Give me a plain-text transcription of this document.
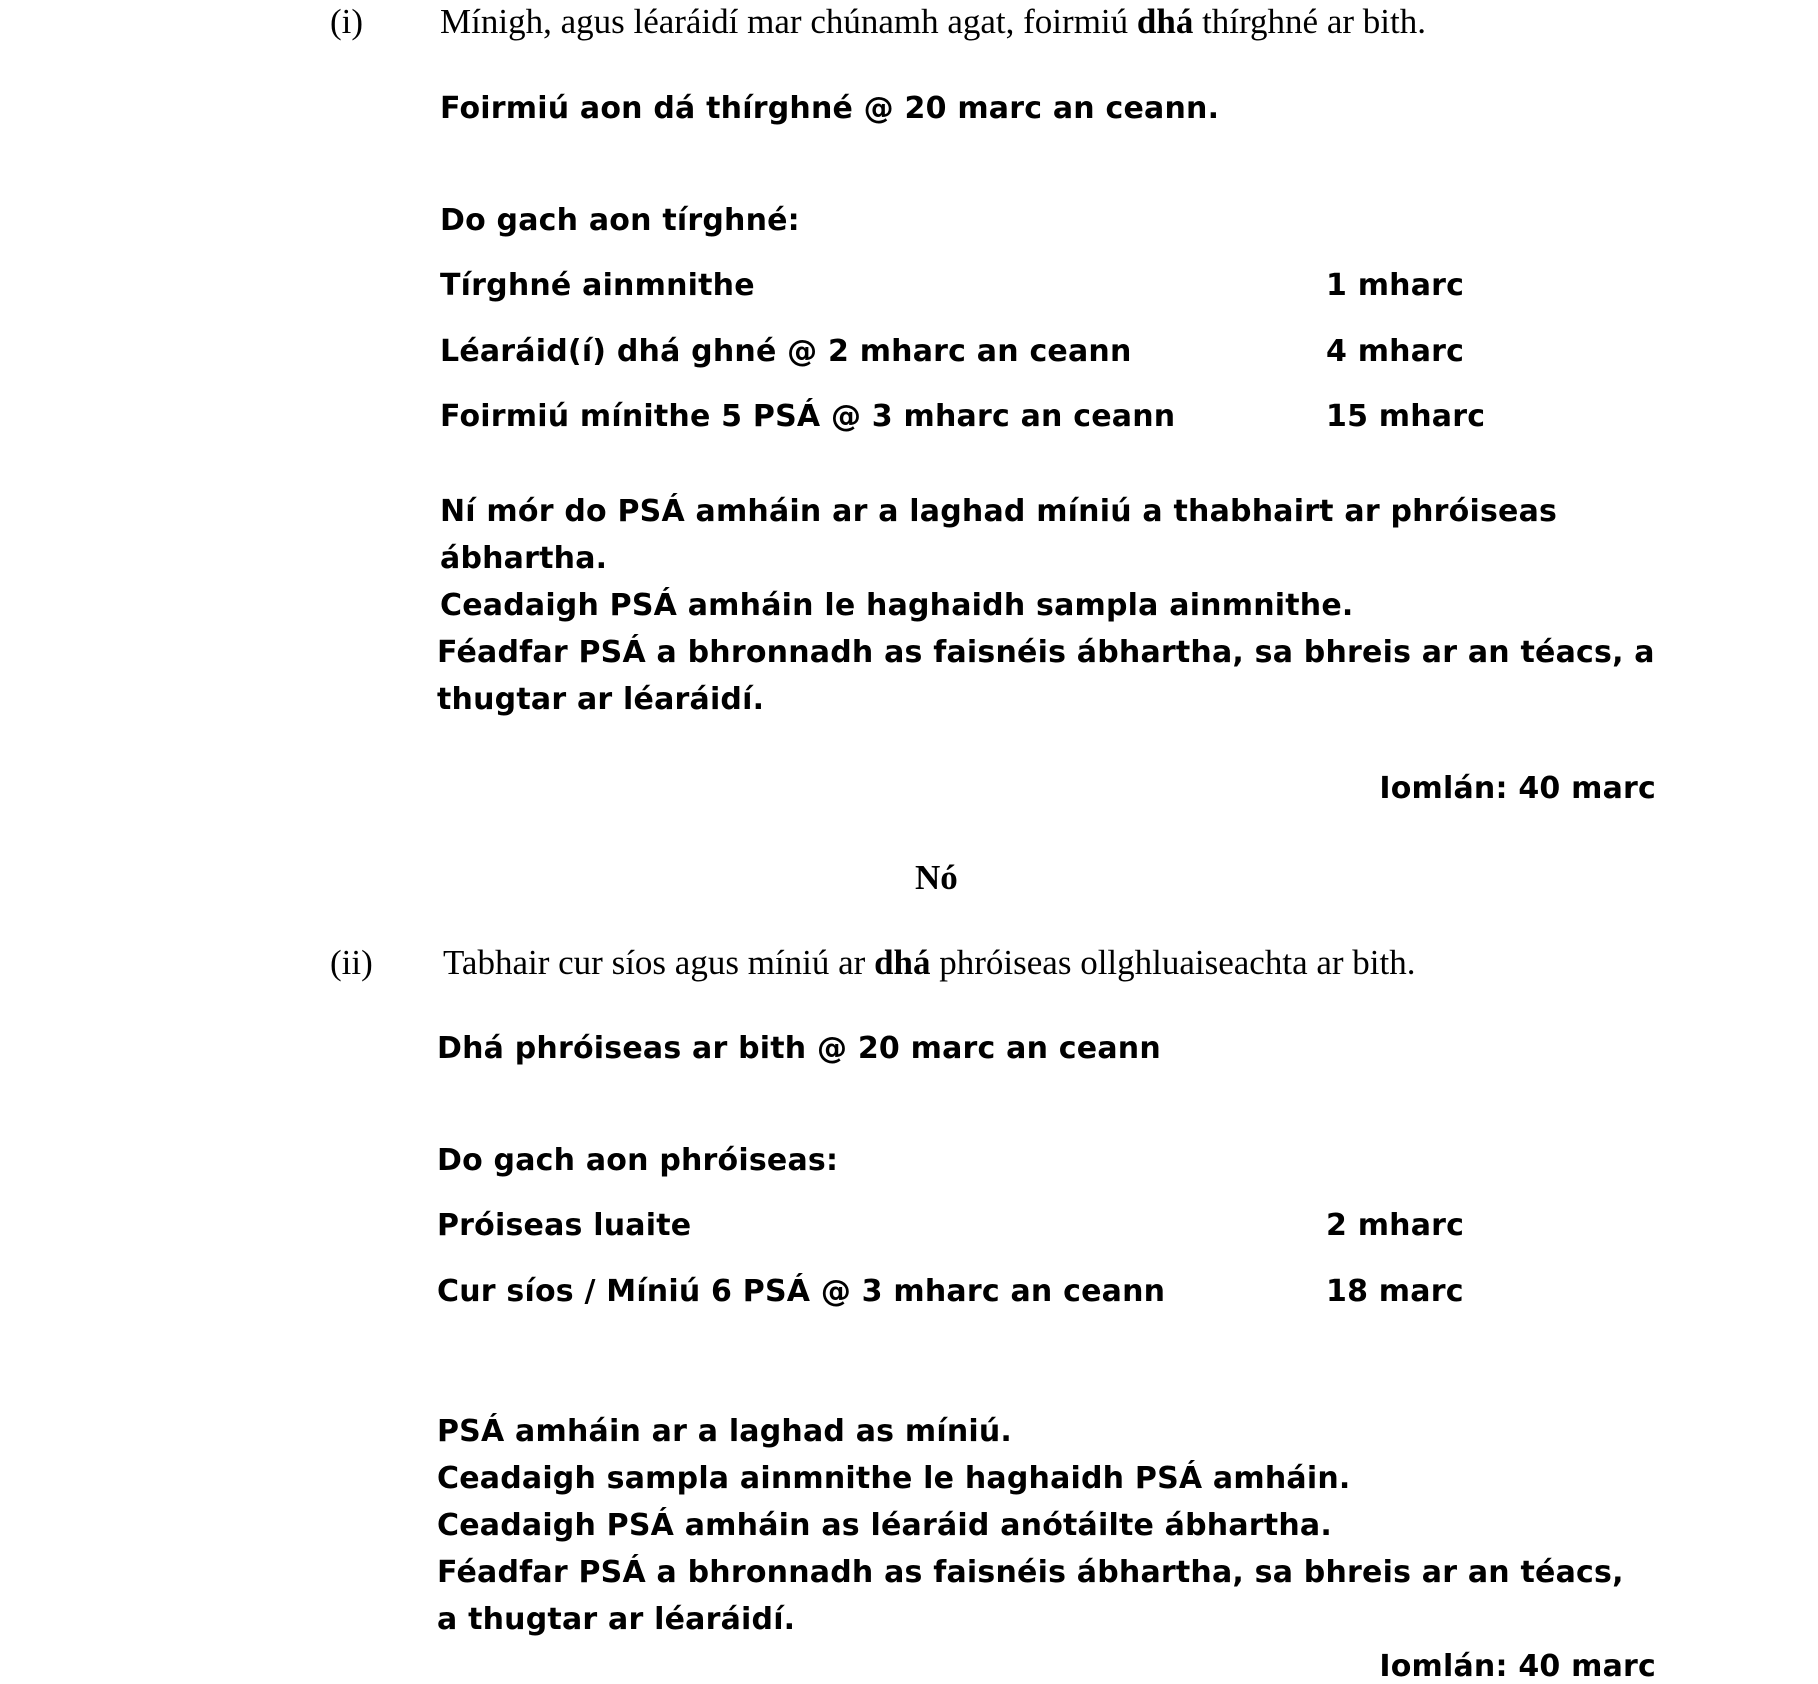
(i) Mínigh, agus léaráidí mar chúnamh agat, foirmiú dhá thírghné ar bith.
Foirmiú aon dá thírghné @ 20 marc an ceann.
Do gach aon tírghné:
Tírghné ainmnithe	1 mharc
Léaráid(í) dhá ghné @ 2 mharc an ceann	4 mharc
Foirmiú mínithe 5 PSÁ @ 3 mharc an ceann	15 mharc
Ní mór do PSÁ amháin ar a laghad míniú a thabhairt ar phróiseas
ábhartha.
Ceadaigh PSÁ amháin le haghaidh sampla ainmnithe.
Féadfar PSÁ a bhronnadh as faisnéis ábhartha, sa bhreis ar an téacs, a
thugtar ar léaráidí.
Iomlán: 40 marc
Nó
(ii) Tabhair cur síos agus míniú ar dhá phróiseas ollghluaiseachta ar bith.
Dhá phróiseas ar bith @ 20 marc an ceann
Do gach aon phróiseas:
Próiseas luaite	2 mharc
Cur síos / Míniú 6 PSÁ @ 3 mharc an ceann	18 marc
PSÁ amháin ar a laghad as míniú.
Ceadaigh sampla ainmnithe le haghaidh PSÁ amháin.
Ceadaigh PSÁ amháin as léaráid anótáilte ábhartha.
Féadfar PSÁ a bhronnadh as faisnéis ábhartha, sa bhreis ar an téacs,
a thugtar ar léaráidí.
Iomlán: 40 marc
